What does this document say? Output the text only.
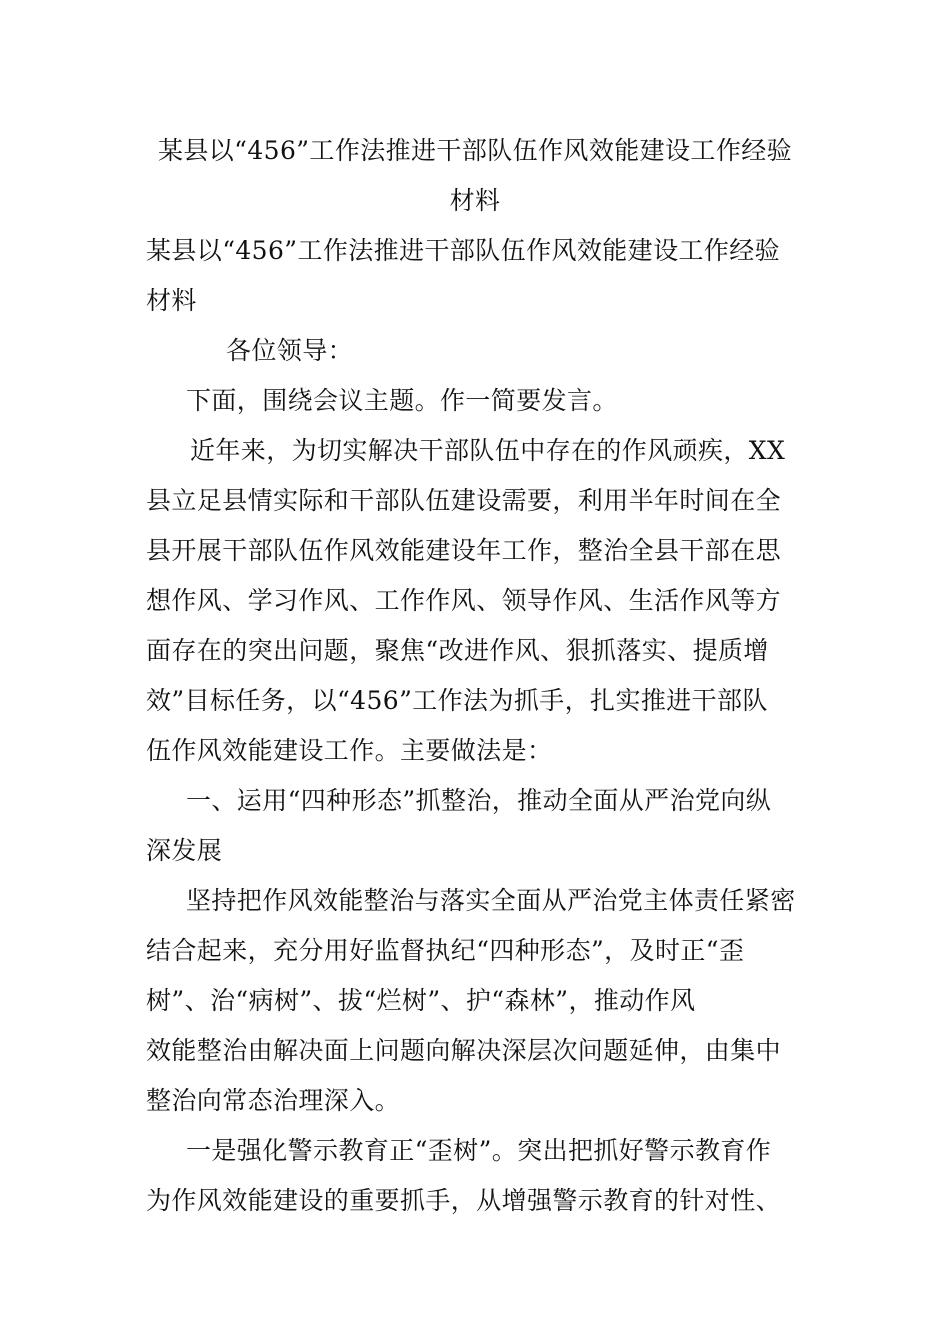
某县以“456”工作法推进干部队伍作风效能建设工作经验
材料
某县以“456”工作法推进干部队伍作风效能建设工作经验
材料
各位领导：
下面，围绕会议主题。作一简要发言。
近年来，为切实解决干部队伍中存在的作风顽疾，XX
县立足县情实际和干部队伍建设需要，利用半年时间在全
县开展干部队伍作风效能建设年工作，整治全县干部在思
想作风、学习作风、工作作风、领导作风、生活作风等方
面存在的突出问题，聚焦“改进作风、狠抓落实、提质增
效”目标任务，以“456”工作法为抓手，扎实推进干部队
伍作风效能建设工作。主要做法是：
一、运用“四种形态”抓整治，推动全面从严治党向纵
深发展
坚持把作风效能整治与落实全面从严治党主体责任紧密
结合起来，充分用好监督执纪“四种形态”，及时正“歪
树”、治“病树”、拔“烂树”、护“森林”，推动作风
效能整治由解决面上问题向解决深层次问题延伸，由集中
整治向常态治理深入。
一是强化警示教育正“歪树”。突出把抓好警示教育作
为作风效能建设的重要抓手，从增强警示教育的针对性、
